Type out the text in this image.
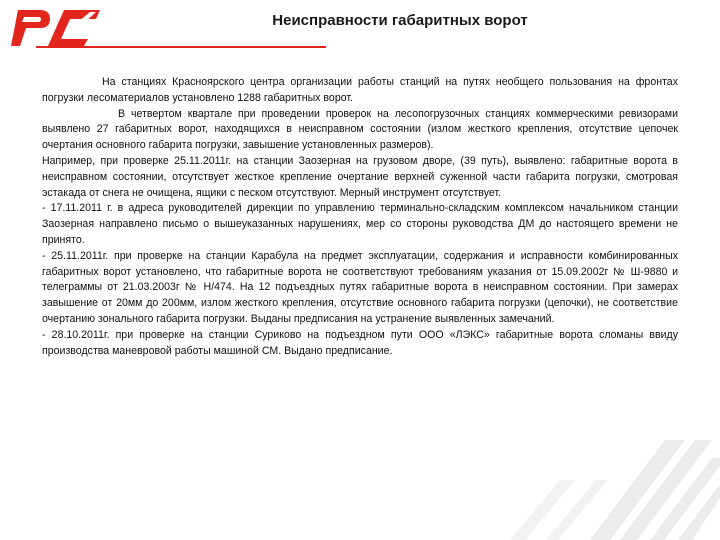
Неисправности габаритных ворот

На станциях Красноярского центра организации работы станций на путях необщего пользования на фронтах погрузки лесоматериалов установлено 1288 габаритных ворот.

В четвертом квартале при проведении проверок на лесопогрузочных станциях коммерческими ревизорами выявлено 27 габаритных ворот, находящихся в неисправном состоянии (излом жесткого крепления, отсутствие цепочек очертания основного габарита погрузки, завышение установленных размеров).

Например, при проверке 25.11.2011г. на станции Заозерная на грузовом дворе, (39 путь), выявлено: габаритные ворота в неисправном состоянии, отсутствует жесткое крепление очертание верхней суженной части габарита погрузки, смотровая эстакада от снега не очищена, ящики с песком отсутствуют. Мерный инструмент отсутствует.

- 17.11.2011 г. в адреса руководителей дирекции по управлению терминально-складским комплексом начальником станции Заозерная направлено письмо о вышеуказанных нарушениях, мер со стороны руководства ДМ до настоящего времени не принято.

- 25.11.2011г. при проверке на станции Карабула на предмет эксплуатации, содержания и исправности комбинированных габаритных ворот установлено, что габаритные ворота не соответствуют требованиям указания от 15.09.2002г № Ш-9880 и телеграммы от 21.03.2003г № Н/474. На 12 подъездных путях габаритные ворота в неисправном состоянии. При замерах завышение от 20мм до 200мм, излом жесткого крепления, отсутствие основного габарита погрузки (цепочки), не соответствие очертанию зонального габарита погрузки. Выданы предписания на устранение выявленных замечаний.

- 28.10.2011г. при проверке на станции Суриково на подъездном пути ООО «ЛЭКС» габаритные ворота сломаны ввиду производства маневровой работы машиной СМ. Выдано предписание.
